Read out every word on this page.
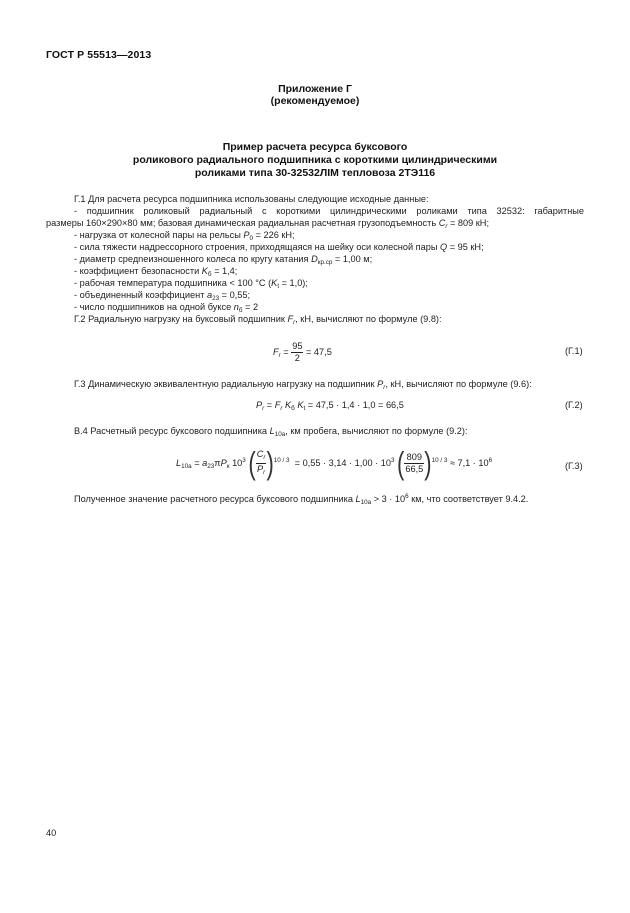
ГОСТ Р 55513—2013
Приложение Г
(рекомендуемое)
Пример расчета ресурса буксового
роликового радиального подшипника с короткими цилиндрическими
роликами типа 30-32532ЛIМ тепловоза 2ТЭ116
Г.1 Для расчета ресурса подшипника использованы следующие исходные данные:
- подшипник роликовый радиальный с короткими цилиндрическими роликами типа 32532: габаритные
размеры 160×290×80 мм; базовая динамическая радиальная расчетная грузоподъемность $C_r = 809$ кН;
- нагрузка от колесной пары на рельсы $P_0 = 226$ кН;
- сила тяжести надрессорного строения, приходящаяся на шейку оси колесной пары Q = 95 кН;
- диаметр средneизношенного колеса по кругу катания $D_{кр.ср} = 1,00$ м;
- коэффициент безопасности $K_б = 1,4$;
- рабочая температура подшипника < 100 °С $(K_t = 1,0)$;
- объединенный коэффициент $a_{23} = 0,55$;
- число подшипников на одной буксе $n_б = 2$
Г.2 Радиальную нагрузку на буксовый подшипник $F_r$, кН, вычисляют по формуле (9.8):
$F_r = \frac{95}{2} = 47,5$	(Г.1)
Г.3 Динамическую эквивалентную радиальную нагрузку на подшипник $P_r$, кН, вычисляют по формуле (9.6):
$P_r = F_r$ $K_б$ $K_t = 47,5 \cdot 1,4 \cdot 1,0 = 66,5$	(Г.2)
В.4 Расчетный ресурс буксового подшипника $L_{10а}$, км пробега, вычисляют по формуле (9.2):
$L_{10а} = a_{23}\pi P_к$ $10^3$ ( $\frac{C_r}{P_r} )^{10 / 3} = 0,55 \cdot 3,14 \cdot 1,00 \cdot 10^3$ ( $\frac{809}{66,5} )^{10 / 3} \approx 7,1 \cdot 10^6$
(Г.3)
Полученное значение расчетного ресурса буксового подшипника $L_{10а} > 3 \cdot 10^6$ км, что соответствует 9.4.2.
40
